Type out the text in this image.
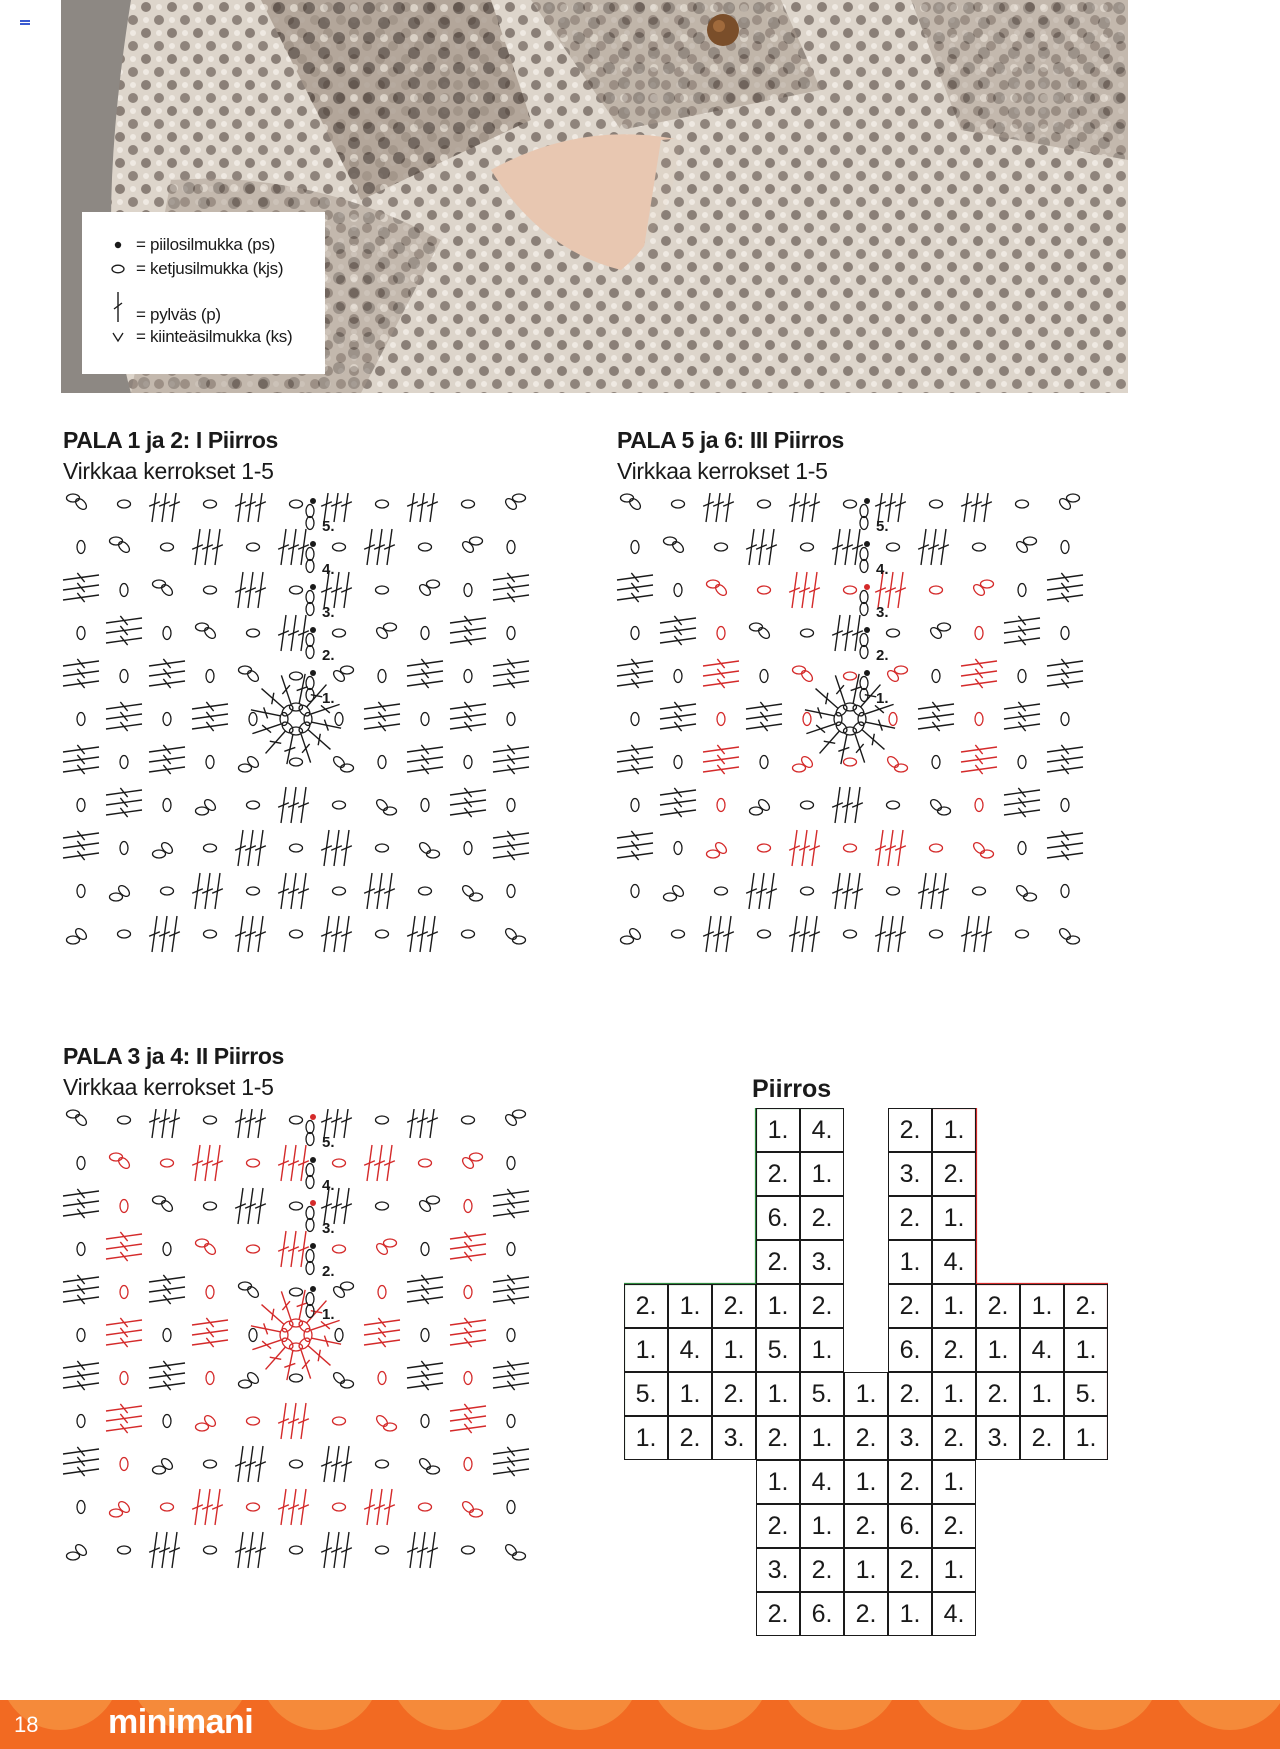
= piilosilmukka (ps)
= ketjusilmukka (kjs)
= pylväs (p)
= kiinteäsilmukka (ks)
PALA 1 ja 2: I Piirros
Virkkaa kerrokset 1-5
PALA 5 ja 6: III Piirros
Virkkaa kerrokset 1-5
PALA 3 ja 4: II Piirros
Virkkaa kerrokset 1-5
5.
4.
3.
2.
1.
5.
4.
3.
2.
1.
5.
4.
3.
2.
1.
Piirros
1. 4.	2. 1.
2. 1.	3. 2.
6. 2.	2. 1.
2. 3.	1. 4.
2. 1. 2. 1. 2.	2. 1. 2. 1. 2.
1. 4. 1. 5. 1.	6. 2. 1. 4. 1.
5. 1. 2. 1. 5. 1. 2. 1. 2. 1. 5.
1. 2. 3. 2. 1. 2. 3. 2. 3. 2. 1.
1. 4. 1. 2. 1.
2. 1. 2. 6. 2.
3. 2. 1. 2. 1.
2. 6. 2. 1. 4.
18 minimani
